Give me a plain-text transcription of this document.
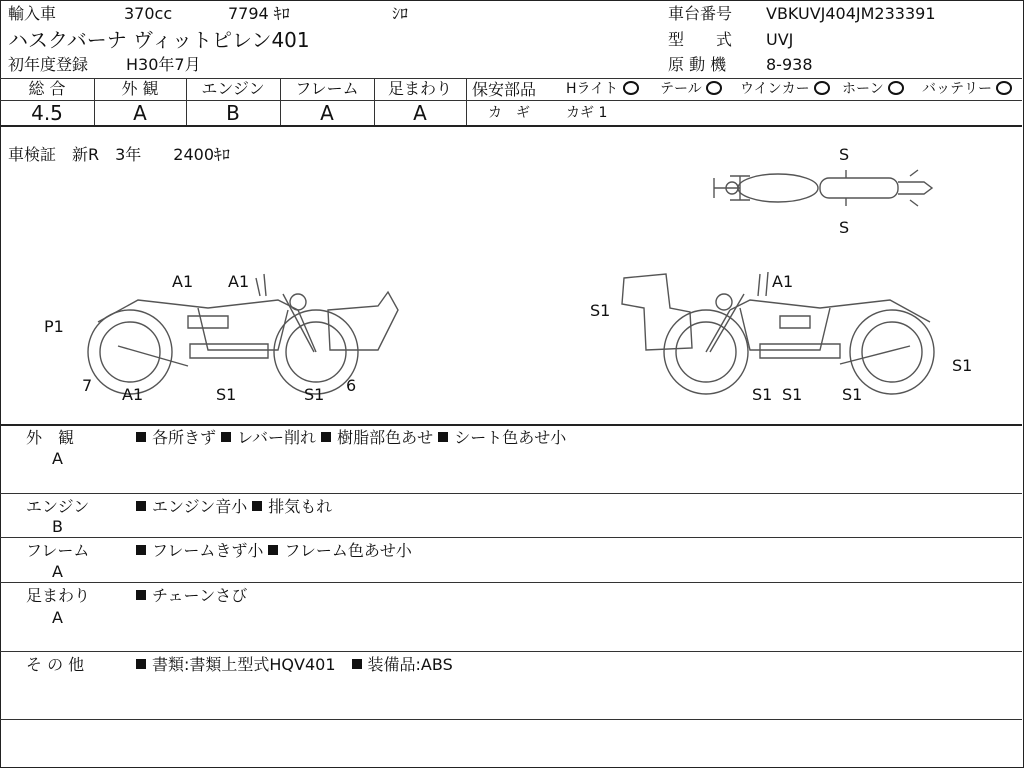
輸入車	370cc	7794 ｷﾛ	ｼﾛ
ハスクバーナ ヴィットピレン401
初年度登録 H30年7月
車台番号 VBKUVJ404JM233391
型　　式 UVJ
原 動 機 8-938
総 合	外 観	エンジン	フレーム	足まわり
4.5	A	B	A	A
保安部品 Hライト	テール	ウインカー	ホーン	バッテリー
カ　ギ	カギ 1
車検証　新R　3年　　2400ｷﾛ	S
S
A1 A1
P1
7 A1	S1	S1 6
S1
A1
S1 S1 S1
S1
外　観
A
各所きず レバー削れ 樹脂部色あせ シート色あせ小
エンジン
B
エンジン音小 排気もれ
フレーム
A
フレームきず小 フレーム色あせ小
足まわり
A
チェーンさび
そ の 他	書類:書類上型式HQV401　 装備品:ABS
